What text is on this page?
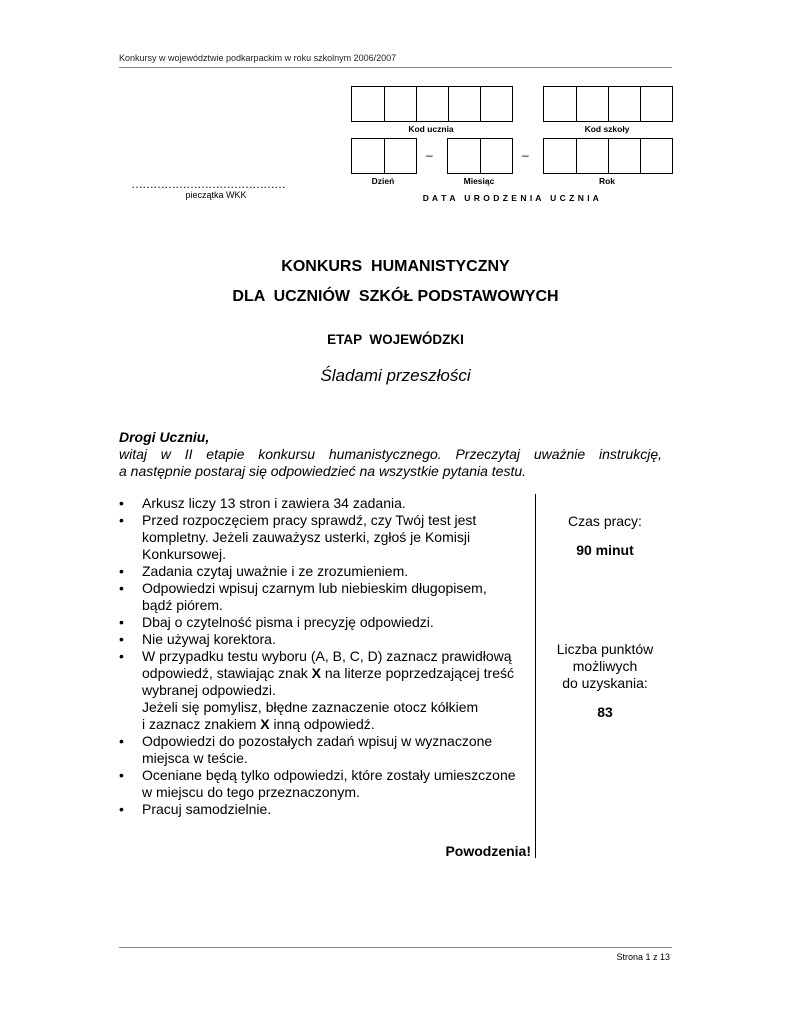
Konkursy w województwie podkarpackim w roku szkolnym 2006/2007
Kod ucznia	Kod szkoły
–	–
Dzień	Miesiąc	Rok
D A T A   U R O D Z E N I A   U C Z N I A
……………………………………
pieczątka WKK
KONKURS  HUMANISTYCZNY
DLA  UCZNIÓW  SZKÓŁ PODSTAWOWYCH
ETAP  WOJEWÓDZKI
Śladami przeszłości
Drogi Uczniu,
witaj w II etapie konkursu humanistycznego. Przeczytaj uważnie instrukcję,
a następnie postaraj się odpowiedzieć na wszystkie pytania testu.
• Arkusz liczy 13 stron i zawiera 34 zadania.
• Przed rozpoczęciem pracy sprawdź, czy Twój test jest
kompletny. Jeżeli zauważysz usterki, zgłoś je Komisji
Konkursowej.
• Zadania czytaj uważnie i ze zrozumieniem.
• Odpowiedzi wpisuj czarnym lub niebieskim długopisem,
bądź piórem.
• Dbaj o czytelność pisma i precyzję odpowiedzi.
• Nie używaj korektora.
• W przypadku testu wyboru (A, B, C, D) zaznacz prawidłową
odpowiedź, stawiając znak X na literze poprzedzającej treść
wybranej odpowiedzi.
Jeżeli się pomylisz, błędne zaznaczenie otocz kółkiem
i zaznacz znakiem X inną odpowiedź.
• Odpowiedzi do pozostałych zadań wpisuj w wyznaczone
miejsca w teście.
• Oceniane będą tylko odpowiedzi, które zostały umieszczone
w miejscu do tego przeznaczonym.
• Pracuj samodzielnie.
Powodzenia!
Czas pracy:
90 minut
Liczba punktów
możliwych
do uzyskania:
83
Strona 1 z 13
